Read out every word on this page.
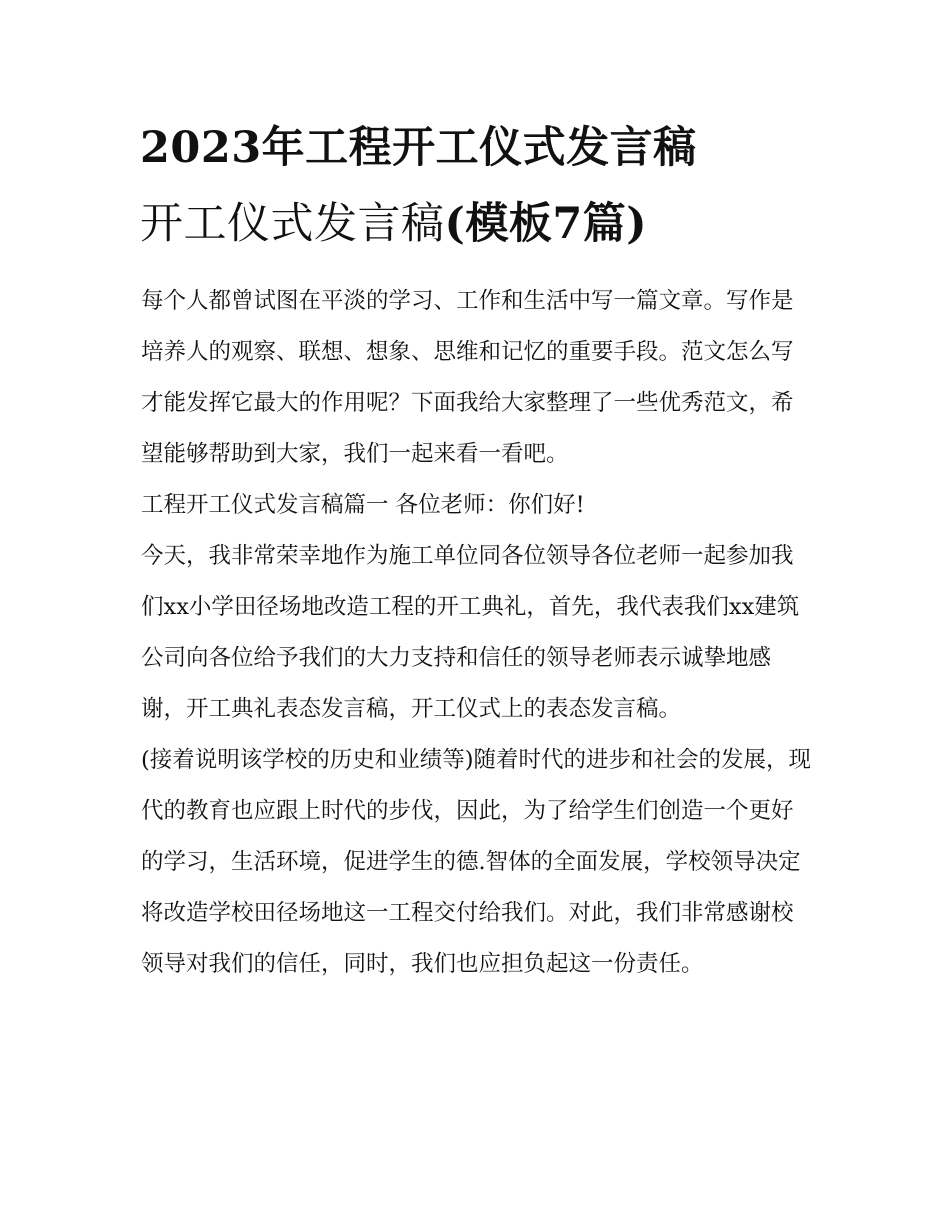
2023年工程开工仪式发言稿
开工仪式发言稿(模板7篇)

每个人都曾试图在平淡的学习、工作和生活中写一篇文章。写作是培养人的观察、联想、想象、思维和记忆的重要手段。范文怎么写才能发挥它最大的作用呢？下面我给大家整理了一些优秀范文，希望能够帮助到大家，我们一起来看一看吧。

工程开工仪式发言稿篇一 各位老师：你们好!

今天，我非常荣幸地作为施工单位同各位领导各位老师一起参加我们xx小学田径场地改造工程的开工典礼，首先，我代表我们xx建筑公司向各位给予我们的大力支持和信任的领导老师表示诚挚地感谢，开工典礼表态发言稿，开工仪式上的表态发言稿。

(接着说明该学校的历史和业绩等)随着时代的进步和社会的发展，现代的教育也应跟上时代的步伐，因此，为了给学生们创造一个更好的学习，生活环境，促进学生的德.智体的全面发展，学校领导决定将改造学校田径场地这一工程交付给我们。对此，我们非常感谢校领导对我们的信任，同时，我们也应担负起这一份责任。
